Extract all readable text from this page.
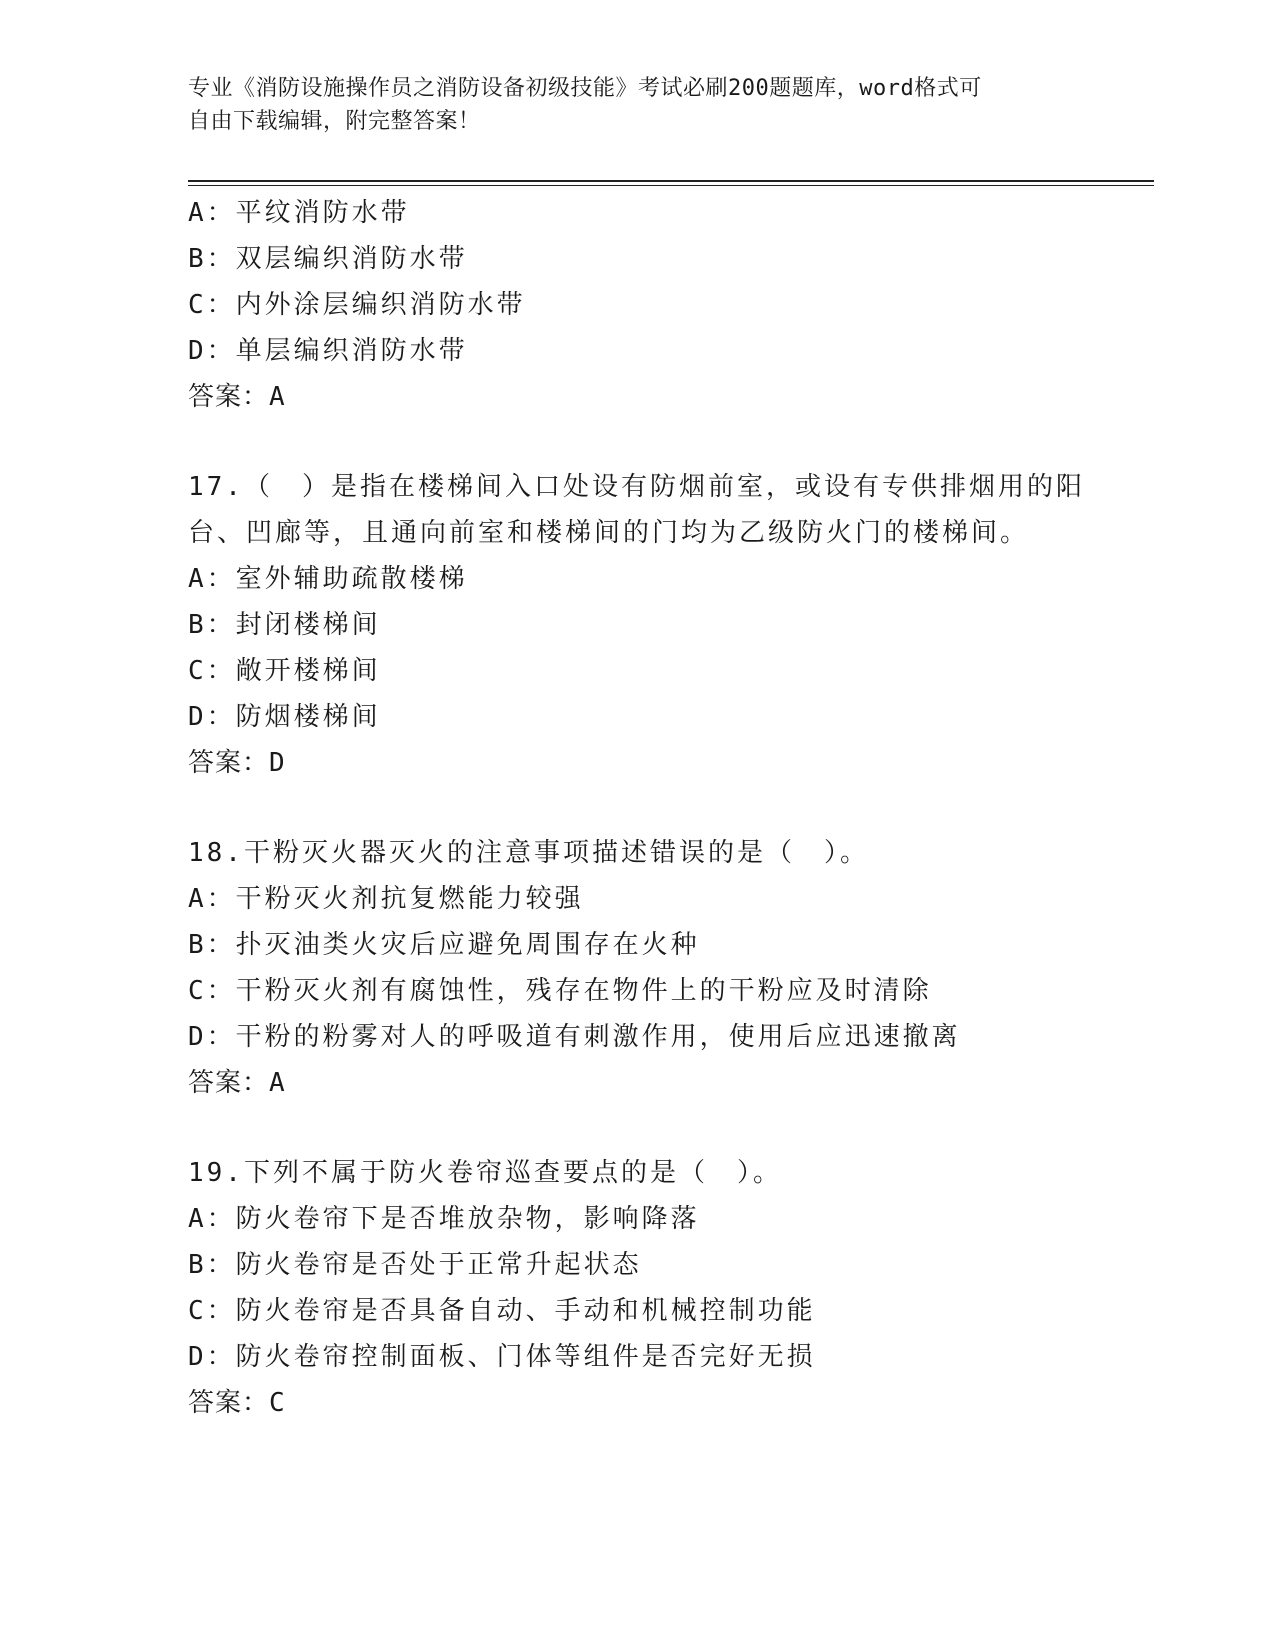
专业《消防设施操作员之消防设备初级技能》考试必刷200题题库，word格式可
自由下载编辑，附完整答案！
A：平纹消防水带
B：双层编织消防水带
C：内外涂层编织消防水带
D：单层编织消防水带
答案：A
17.（　）是指在楼梯间入口处设有防烟前室，或设有专供排烟用的阳
台、凹廊等，且通向前室和楼梯间的门均为乙级防火门的楼梯间。
A：室外辅助疏散楼梯
B：封闭楼梯间
C：敞开楼梯间
D：防烟楼梯间
答案：D
18.干粉灭火器灭火的注意事项描述错误的是（　）。
A：干粉灭火剂抗复燃能力较强
B：扑灭油类火灾后应避免周围存在火种
C：干粉灭火剂有腐蚀性，残存在物件上的干粉应及时清除
D：干粉的粉雾对人的呼吸道有刺激作用，使用后应迅速撤离
答案：A
19.下列不属于防火卷帘巡查要点的是（　）。
A：防火卷帘下是否堆放杂物，影响降落
B：防火卷帘是否处于正常升起状态
C：防火卷帘是否具备自动、手动和机械控制功能
D：防火卷帘控制面板、门体等组件是否完好无损
答案：C
